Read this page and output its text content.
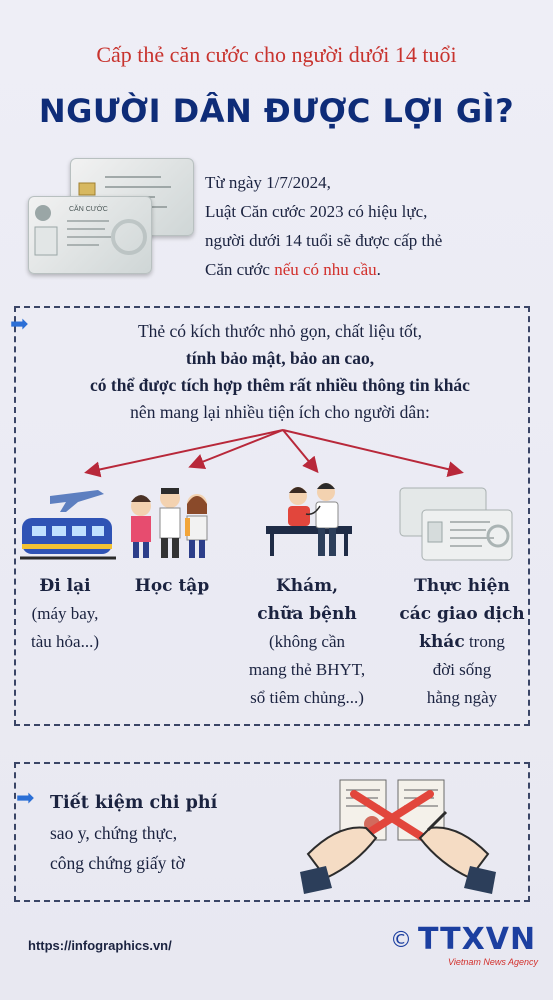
Cấp thẻ căn cước cho người dưới 14 tuổi
NGƯỜI DÂN ĐƯỢC LỢI GÌ?
CĂN CƯỚC
Từ ngày 1/7/2024,
Luật Căn cước 2023 có hiệu lực,
người dưới 14 tuổi sẽ được cấp thẻ
Căn cước nếu có nhu cầu.
➡	Thẻ có kích thước nhỏ gọn, chất liệu tốt,
tính bảo mật, bảo an cao,
có thể được tích hợp thêm rất nhiều thông tin khác
nên mang lại nhiều tiện ích cho người dân:
Đi lại
(máy bay,
tàu hỏa...)
Học tập	Khám,
chữa bệnh
(không cần
mang thẻ BHYT,
sổ tiêm chủng...)
Thực hiện
các giao dịch
khác trong
đời sống
hằng ngày
➡ Tiết kiệm chi phí
sao y, chứng thực,
công chứng giấy tờ
https://infographics.vn/	© TTXVN
Vietnam News Agency
